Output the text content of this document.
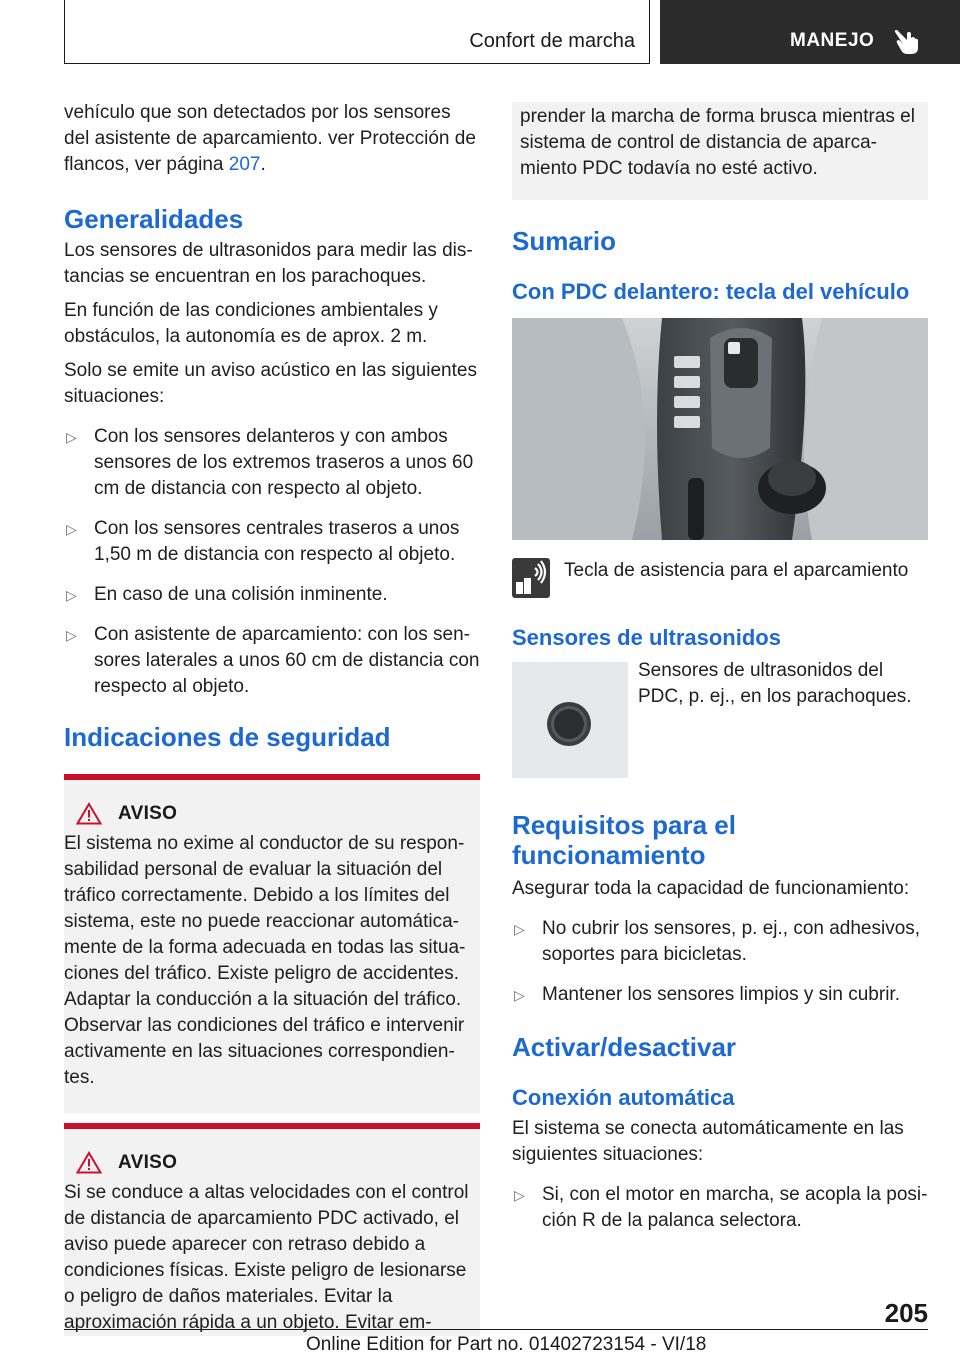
Confort de marcha	MANEJO

vehículo que son detectados por los sensores del asistente de aparcamiento. ver Protección de flancos, ver página 207.

Generalidades

Los sensores de ultrasonidos para medir las distancias se encuentran en los parachoques.

En función de las condiciones ambientales y obstáculos, la autonomía es de aprox. 2 m.

Solo se emite un aviso acústico en las siguientes situaciones:

▷ Con los sensores delanteros y con ambos sensores de los extremos traseros a unos 60 cm de distancia con respecto al objeto.
▷ Con los sensores centrales traseros a unos 1,50 m de distancia con respecto al objeto.
▷ En caso de una colisión inminente.
▷ Con asistente de aparcamiento: con los sensores laterales a unos 60 cm de distancia con respecto al objeto.
Indicaciones de seguridad
AVISO

El sistema no exime al conductor de su responsabilidad personal de evaluar la situación del tráfico correctamente. Debido a los límites del sistema, este no puede reaccionar automáticamente de la forma adecuada en todas las situaciones del tráfico. Existe peligro de accidentes. Adaptar la conducción a la situación del tráfico. Observar las condiciones del tráfico e intervenir activamente en las situaciones correspondientes.

AVISO

Si se conduce a altas velocidades con el control de distancia de aparcamiento PDC activado, el aviso puede aparecer con retraso debido a condiciones físicas. Existe peligro de lesionarse o peligro de daños materiales. Evitar la aproximación rápida a un objeto. Evitar em-

prender la marcha de forma brusca mientras el sistema de control de distancia de aparcamiento PDC todavía no esté activo.

Sumario
Con PDC delantero: tecla del vehículo

Tecla de asistencia para el aparcamiento

Sensores de ultrasonidos

Sensores de ultrasonidos del PDC, p. ej., en los parachoques.

Requisitos para el funcionamiento

Asegurar toda la capacidad de funcionamiento:

▷ No cubrir los sensores, p. ej., con adhesivos, soportes para bicicletas.
▷ Mantener los sensores limpios y sin cubrir.
Activar/desactivar
Conexión automática

El sistema se conecta automáticamente en las siguientes situaciones:

▷ Si, con el motor en marcha, se acopla la posición R de la palanca selectora.
205
Online Edition for Part no. 01402723154 - VI/18
